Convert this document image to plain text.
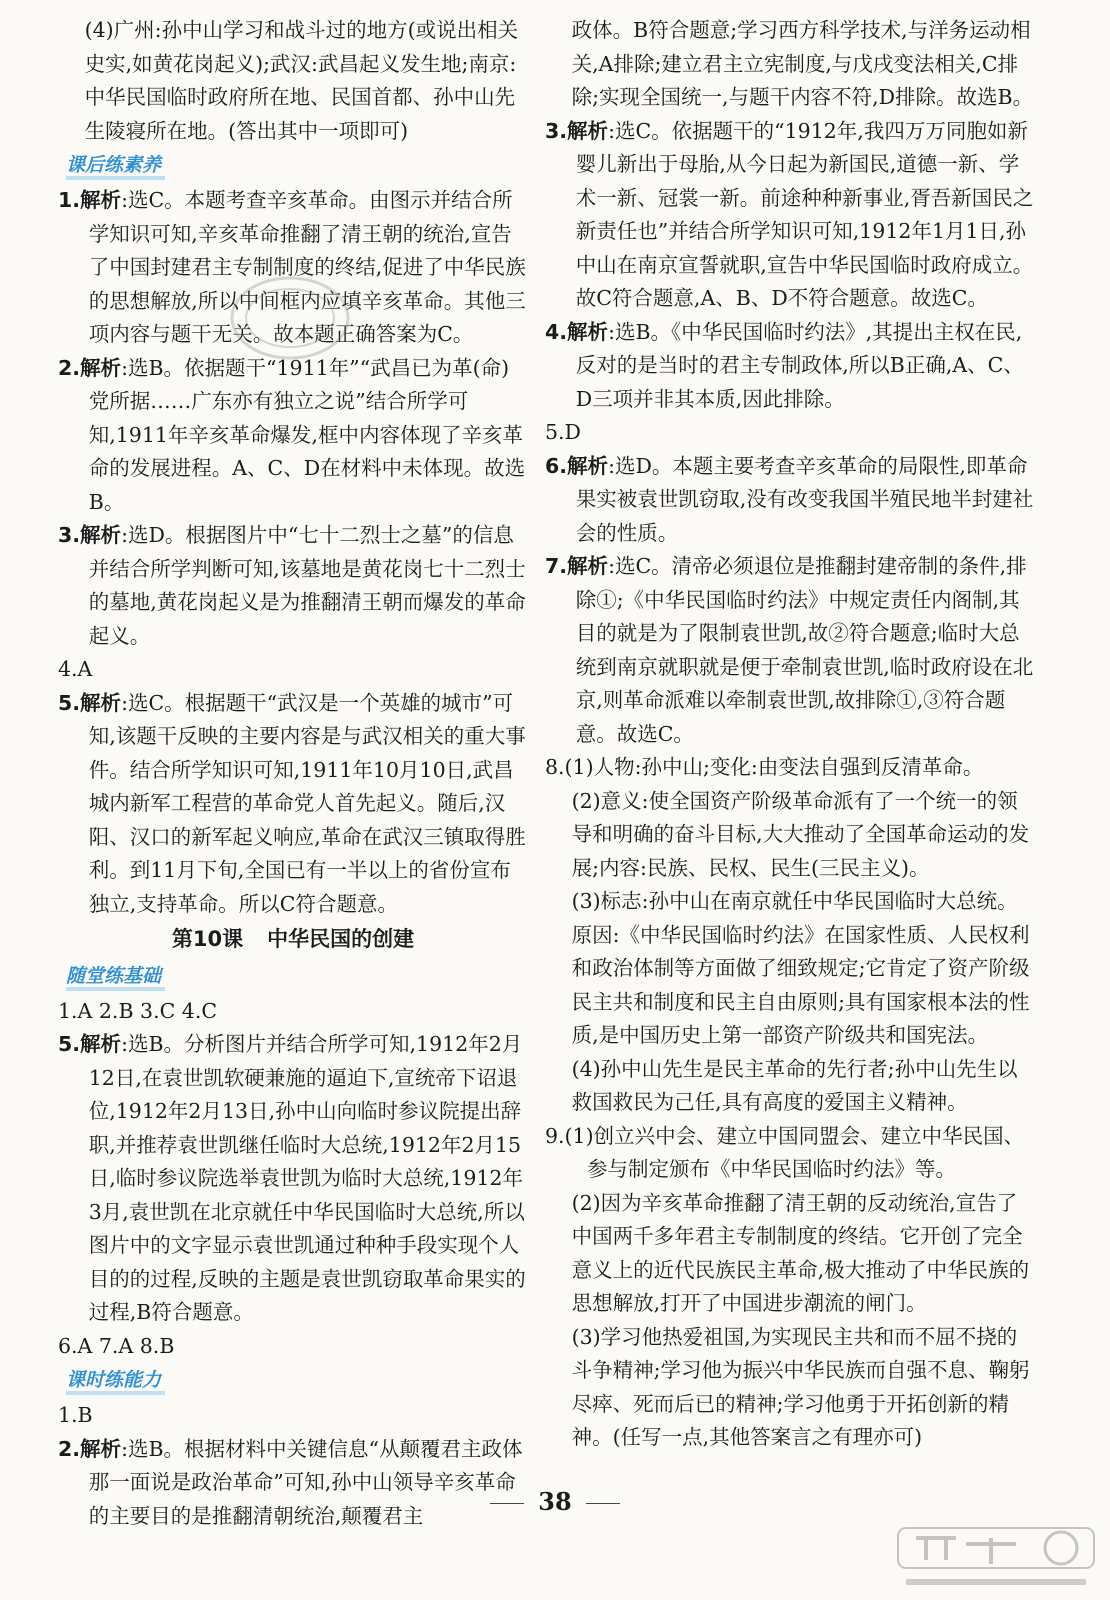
(4)广州:孙中山学习和战斗过的地方(或说出相关史实,如黄花岗起义);武汉:武昌起义发生地;南京:中华民国临时政府所在地、民国首都、孙中山先生陵寝所在地。(答出其中一项即可)

课后练素养

1.解析:选C。本题考查辛亥革命。由图示并结合所学知识可知,辛亥革命推翻了清王朝的统治,宣告了中国封建君主专制制度的终结,促进了中华民族的思想解放,所以中间框内应填辛亥革命。其他三项内容与题干无关。故本题正确答案为C。

2.解析:选B。依据题干“1911年”“武昌已为革(命)党所据……广东亦有独立之说”结合所学可知,1911年辛亥革命爆发,框中内容体现了辛亥革命的发展进程。A、C、D在材料中未体现。故选B。

3.解析:选D。根据图片中“七十二烈士之墓”的信息并结合所学判断可知,该墓地是黄花岗七十二烈士的墓地,黄花岗起义是为推翻清王朝而爆发的革命起义。

4.A

5.解析:选C。根据题干“武汉是一个英雄的城市”可知,该题干反映的主要内容是与武汉相关的重大事件。结合所学知识可知,1911年10月10日,武昌城内新军工程营的革命党人首先起义。随后,汉阳、汉口的新军起义响应,革命在武汉三镇取得胜利。到11月下旬,全国已有一半以上的省份宣布独立,支持革命。所以C符合题意。

第10课 中华民国的创建
随堂练基础

1.A 2.B 3.C 4.C

5.解析:选B。分析图片并结合所学可知,1912年2月12日,在袁世凯软硬兼施的逼迫下,宣统帝下诏退位,1912年2月13日,孙中山向临时参议院提出辞职,并推荐袁世凯继任临时大总统,1912年2月15日,临时参议院选举袁世凯为临时大总统,1912年3月,袁世凯在北京就任中华民国临时大总统,所以图片中的文字显示袁世凯通过种种手段实现个人目的的过程,反映的主题是袁世凯窃取革命果实的过程,B符合题意。

6.A 7.A 8.B

课时练能力

1.B

2.解析:选B。根据材料中关键信息“从颠覆君主政体那一面说是政治革命”可知,孙中山领导辛亥革命的主要目的是推翻清朝统治,颠覆君主

政体。B符合题意;学习西方科学技术,与洋务运动相关,A排除;建立君主立宪制度,与戊戌变法相关,C排除;实现全国统一,与题干内容不符,D排除。故选B。

3.解析:选C。依据题干的“1912年,我四万万同胞如新婴儿新出于母胎,从今日起为新国民,道德一新、学术一新、冠裳一新。前途种种新事业,胥吾新国民之新责任也”并结合所学知识可知,1912年1月1日,孙中山在南京宣誓就职,宣告中华民国临时政府成立。故C符合题意,A、B、D不符合题意。故选C。

4.解析:选B。《中华民国临时约法》,其提出主权在民,反对的是当时的君主专制政体,所以B正确,A、C、D三项并非其本质,因此排除。

5.D

6.解析:选D。本题主要考查辛亥革命的局限性,即革命果实被袁世凯窃取,没有改变我国半殖民地半封建社会的性质。

7.解析:选C。清帝必须退位是推翻封建帝制的条件,排除①;《中华民国临时约法》中规定责任内阁制,其目的就是为了限制袁世凯,故②符合题意;临时大总统到南京就职就是便于牵制袁世凯,临时政府设在北京,则革命派难以牵制袁世凯,故排除①,③符合题意。故选C。

8.(1)人物:孙中山;变化:由变法自强到反清革命。

(2)意义:使全国资产阶级革命派有了一个统一的领导和明确的奋斗目标,大大推动了全国革命运动的发展;内容:民族、民权、民生(三民主义)。

(3)标志:孙中山在南京就任中华民国临时大总统。原因:《中华民国临时约法》在国家性质、人民权利和政治体制等方面做了细致规定;它肯定了资产阶级民主共和制度和民主自由原则;具有国家根本法的性质,是中国历史上第一部资产阶级共和国宪法。

(4)孙中山先生是民主革命的先行者;孙中山先生以救国救民为己任,具有高度的爱国主义精神。

9.(1)创立兴中会、建立中国同盟会、建立中华民国、参与制定颁布《中华民国临时约法》等。

(2)因为辛亥革命推翻了清王朝的反动统治,宣告了中国两千多年君主专制制度的终结。它开创了完全意义上的近代民族民主革命,极大推动了中华民族的思想解放,打开了中国进步潮流的闸门。

(3)学习他热爱祖国,为实现民主共和而不屈不挠的斗争精神;学习他为振兴中华民族而自强不息、鞠躬尽瘁、死而后已的精神;学习他勇于开拓创新的精神。(任写一点,其他答案言之有理亦可)

38
